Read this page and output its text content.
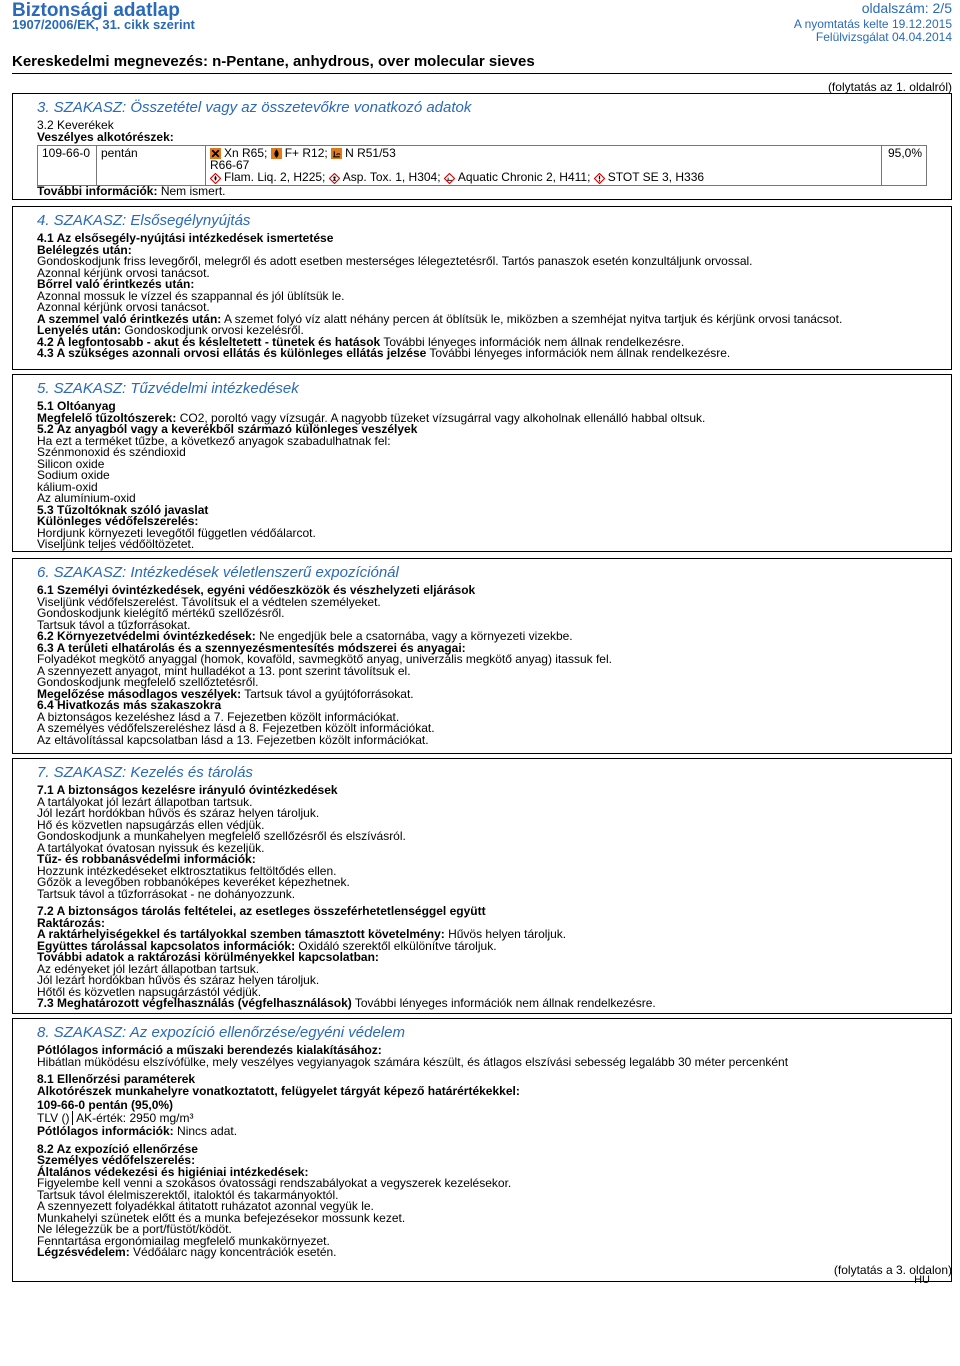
Biztonsági adatlap
1907/2006/EK, 31. cikk szerint
oldalszám: 2/5
A nyomtatás kelte 19.12.2015
Felülvizsgálat 04.04.2014
Kereskedelmi megnevezés: n-Pentane, anhydrous, over molecular sieves
(folytatás az 1. oldalról)
3. SZAKASZ: Összetétel vagy az összetevőkre vonatkozó adatok
3.2 Keverékek
Veszélyes alkotórészek:
109-66-0	pentán	Xn R65; F+ R12; N R51/53
R66-67
Flam. Liq. 2, H225; Asp. Tox. 1, H304; Aquatic Chronic 2, H411; STOT SE 3, H336
	95,0%
További információk: Nem ismert.
4. SZAKASZ: Elsősegélynyújtás
4.1 Az elsősegély-nyújtási intézkedések ismertetése
Belélegzés után:
Gondoskodjunk friss levegőről, melegről és adott esetben mesterséges lélegeztetésről. Tartós panaszok esetén konzultáljunk orvossal.
Azonnal kérjünk orvosi tanácsot.
Bőrrel való érintkezés után:
Azonnal mossuk le vízzel és szappannal és jól üblítsük le.
Azonnal kérjünk orvosi tanácsot.
A szemmel való érintkezés után: A szemet folyó víz alatt néhány percen át öblítsük le, miközben a szemhéjat nyitva tartjuk és kérjünk orvosi tanácsot.
Lenyelés után: Gondoskodjunk orvosi kezelésről.
4.2 A legfontosabb - akut és késleltetett - tünetek és hatások További lényeges információk nem állnak rendelkezésre.
4.3 A szükséges azonnali orvosi ellátás és különleges ellátás jelzése További lényeges információk nem állnak rendelkezésre.
5. SZAKASZ: Tűzvédelmi intézkedések
5.1 Oltóanyag
Megfelelő tűzoltószerek: CO2, poroltó vagy vízsugár. A nagyobb tüzeket vízsugárral vagy alkoholnak ellenálló habbal oltsuk.
5.2 Az anyagból vagy a keverékből származó különleges veszélyek
Ha ezt a terméket tűzbe, a következő anyagok szabadulhatnak fel:
Szénmonoxid és széndioxid
Silicon oxide
Sodium oxide
kálium-oxid
Az alumínium-oxid
5.3 Tűzoltóknak szóló javaslat
Különleges védőfelszerelés:
Hordjunk környezeti levegőtől független védőálarcot.
Viseljünk teljes védőöltözetet.
6. SZAKASZ: Intézkedések véletlenszerű expozíciónál
6.1 Személyi óvintézkedések, egyéni védőeszközök és vészhelyzeti eljárások
Viseljünk védőfelszerelést. Távolítsuk el a védtelen személyeket.
Gondoskodjunk kielégítő mértékű szellőzésről.
Tartsuk távol a tűzforrásokat.
6.2 Környezetvédelmi óvintézkedések: Ne engedjük bele a csatornába, vagy a környezeti vizekbe.
6.3 A területi elhatárolás és a szennyezésmentesítés módszerei és anyagai:
Folyadékot megkötő anyaggal (homok, kovaföld, savmegkötő anyag, univerzális megkötő anyag) itassuk fel.
A szennyezett anyagot, mint hulladékot a 13. pont szerint távolítsuk el.
Gondoskodjunk megfelelő szellőztetésről.
Megelőzése másodlagos veszélyek: Tartsuk távol a gyújtóforrásokat.
6.4 Hivatkozás más szakaszokra
A biztonságos kezeléshez lásd a 7. Fejezetben közölt információkat.
A személyes védőfelszereléshez lásd a 8. Fejezetben közölt információkat.
Az eltávolítással kapcsolatban lásd a 13. Fejezetben közölt információkat.
7. SZAKASZ: Kezelés és tárolás
7.1 A biztonságos kezelésre irányuló óvintézkedések
A tartályokat jól lezárt állapotban tartsuk.
Jól lezárt hordókban hűvös és száraz helyen tároljuk.
Hő és közvetlen napsugárzás ellen védjük.
Gondoskodjunk a munkahelyen megfelelő szellőzésről és elszívásról.
A tartályokat óvatosan nyissuk és kezeljük.
Tűz- és robbanásvédelmi információk:
Hozzunk intézkedéseket elktrosztatikus feltöltődés ellen.
Gőzök a levegőben robbanóképes keveréket képezhetnek.
Tartsuk távol a tűzforrásokat - ne dohányozzunk.
7.2 A biztonságos tárolás feltételei, az esetleges összeférhetetlenséggel együtt
Raktározás:
A raktárhelyiségekkel és tartályokkal szemben támasztott követelmény: Hűvös helyen tároljuk.
Együttes tárolással kapcsolatos információk: Oxidáló szerektől elkülönítve tároljuk.
További adatok a raktározási körülményekkel kapcsolatban:
Az edényeket jól lezárt állapotban tartsuk.
Jól lezárt hordókban hűvös és száraz helyen tároljuk.
Hőtől és közvetlen napsugárzástól védjük.
7.3 Meghatározott végfelhasználás (végfelhasználások) További lényeges információk nem állnak rendelkezésre.
8. SZAKASZ: Az expozíció ellenőrzése/egyéni védelem
Pótlólagos információ a műszaki berendezés kialakításához:
Hibátlan müködésu elszívófülke, mely veszélyes vegyianyagok számára készült, és átlagos elszívási sebesség legalább 30 méter percenként
8.1 Ellenőrzési paraméterek
Alkotórészek munkahelyre vonatkoztatott, felügyelet tárgyát képező határértékekkel:
109-66-0 pentán (95,0%)
TLV () AK-érték: 2950 mg/m³
Pótlólagos információk: Nincs adat.
8.2 Az expozíció ellenőrzése
Személyes védőfelszerelés:
Általános védekezési és higiéniai intézkedések:
Figyelembe kell venni a szokásos óvatossági rendszabályokat a vegyszerek kezelésekor.
Tartsuk távol élelmiszerektől, italoktól és takarmányoktól.
A szennyezett folyadékkal átitatott ruházatot azonnal vegyük le.
Munkahelyi szünetek előtt és a munka befejezésekor mossunk kezet.
Ne lélegezzük be a port/füstöt/ködöt.
Fenntartása ergonómiailag megfelelő munkakörnyezet.
Légzésvédelem: Védőálarc nagy koncentrációk esetén.
(folytatás a 3. oldalon)
HU
